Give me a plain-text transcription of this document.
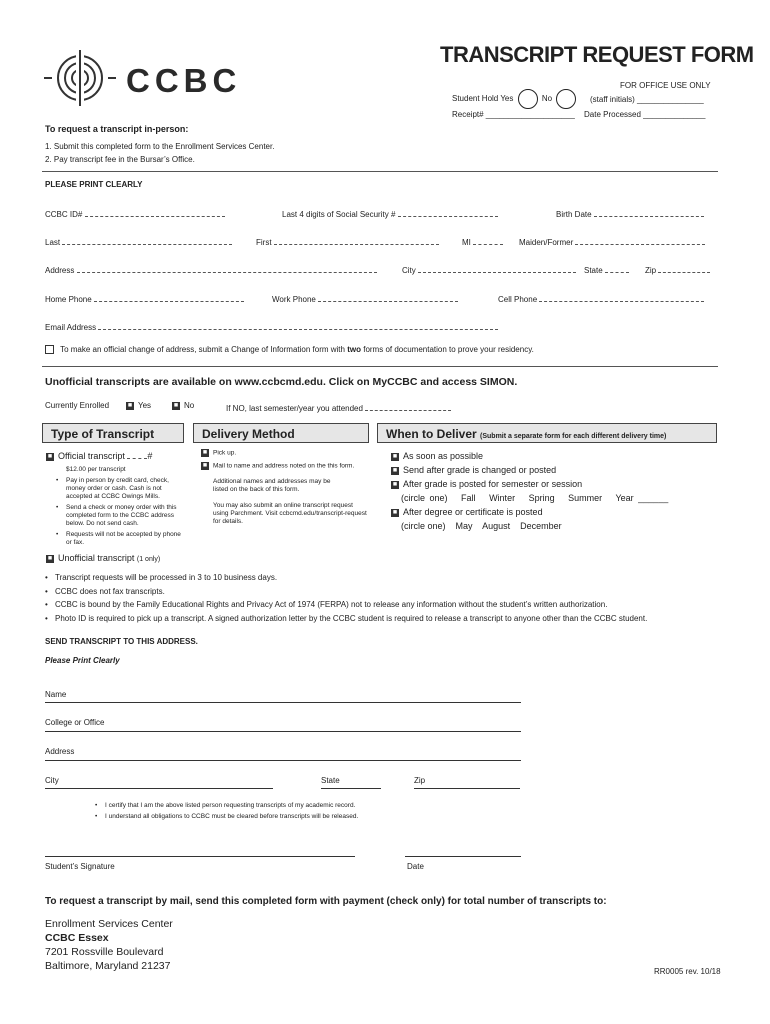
CCBC
TRANSCRIPT REQUEST FORM
FOR OFFICE USE ONLY
Student Hold Yes	No	(staff initials) _______________
Receipt# ____________________ Date Processed ______________
To request a transcript in-person:
1. Submit this completed form to the Enrollment Services Center.
2. Pay transcript fee in the Bursar’s Office.
PLEASE PRINT CLEARLY
CCBC ID#	Last 4 digits of Social Security #	Birth Date
Last	First	MI	Maiden/Former
Address	City	State	Zip
Home Phone	Work Phone	Cell Phone
Email Address
To make an official change of address, submit a Change of Information form with two forms of documentation to prove your residency.
Unofficial transcripts are available on www.ccbcmd.edu. Click on MyCCBC and access SIMON.
Currently Enrolled	■ Yes	■ No	If NO, last semester/year you attended
Type of Transcript	Delivery Method	When to Deliver (Submit a separate form for each different delivery time)
■ Official transcript	#
$12.00 per transcript
• Pay in person by credit card, check, money order or cash. Cash is not accepted at CCBC Owings Mills.
• Send a check or money order with this completed form to the CCBC address below. Do not send cash.
• Requests will not be accepted by phone or fax.
■ Unofficial transcript (1 only)
■ Pick up.
■ Mail to name and address noted on the this form.
Additional names and addresses may be listed on the back of this form.
You may also submit an online transcript request using Parchment. Visit ccbcmd.edu/transcript-request for details.
■ As soon as possible
■ Send after grade is changed or posted
■ After grade is posted for semester or session
(circle one) Fall Winter Spring Summer Year ______
■ After degree or certificate is posted
(circle one) May August December
• Transcript requests will be processed in 3 to 10 business days.
• CCBC does not fax transcripts.
• CCBC is bound by the Family Educational Rights and Privacy Act of 1974 (FERPA) not to release any information without the student’s written authorization.
• Photo ID is required to pick up a transcript. A signed authorization letter by the CCBC student is required to release a transcript to anyone other than the CCBC student.
SEND TRANSCRIPT TO THIS ADDRESS.
Please Print Clearly
Name
College or Office
Address
City	State	Zip
• I certify that I am the above listed person requesting transcripts of my academic record.
• I understand all obligations to CCBC must be cleared before transcripts will be released.
Student’s Signature	Date
To request a transcript by mail, send this completed form with payment (check only) for total number of transcripts to:
Enrollment Services Center
CCBC Essex
7201 Rossville Boulevard
Baltimore, Maryland 21237	RR0005 rev. 10/18
